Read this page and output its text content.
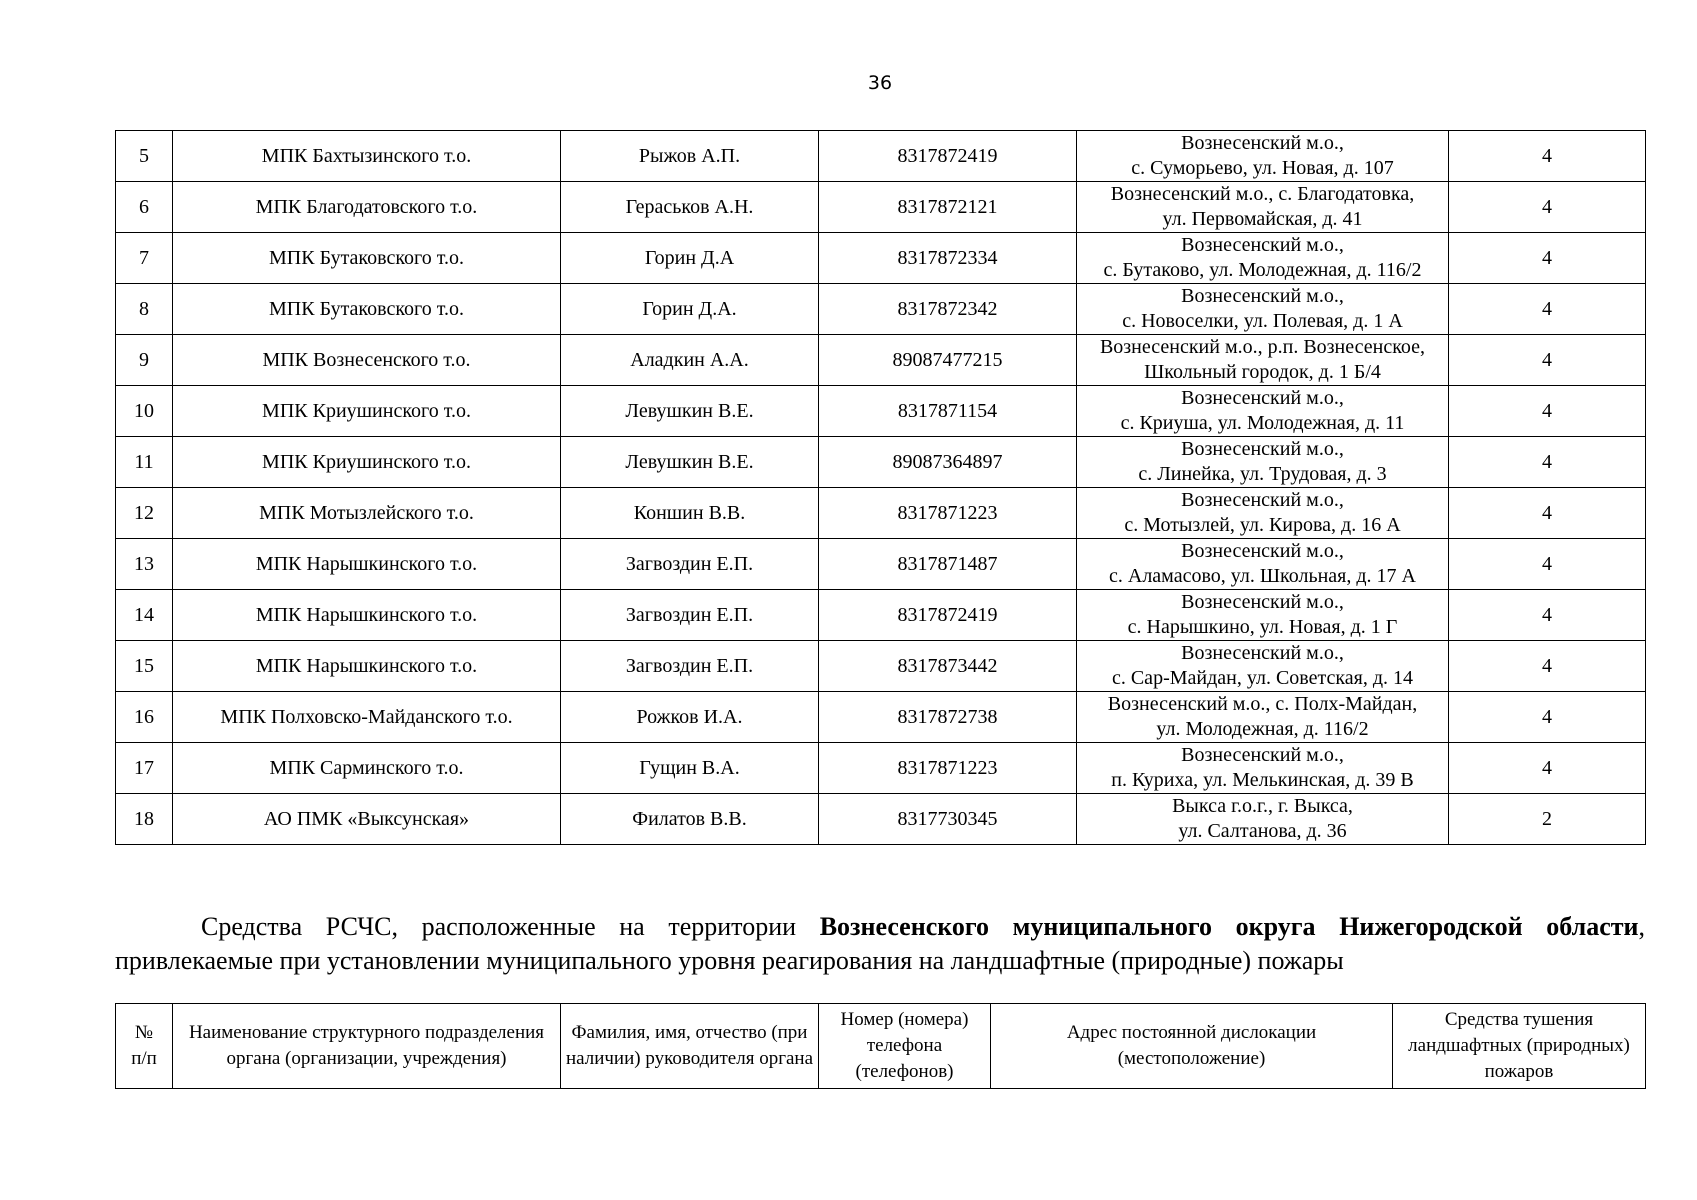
36
5	МПК Бахтызинского т.о.	Рыжов А.П.	8317872419	Вознесенский м.о.,
с. Суморьево, ул. Новая, д. 107	4
6	МПК Благодатовского т.о.	Гераськов А.Н.	8317872121	Вознесенский м.о., с. Благодатовка,
ул. Первомайская, д. 41	4
7	МПК Бутаковского т.о.	Горин Д.А	8317872334	Вознесенский м.о.,
с. Бутаково, ул. Молодежная, д. 116/2	4
8	МПК Бутаковского т.о.	Горин Д.А.	8317872342	Вознесенский м.о.,
с. Новоселки, ул. Полевая, д. 1 А	4
9	МПК Вознесенского т.о.	Аладкин А.А.	89087477215	Вознесенский м.о., р.п. Вознесенское,
Школьный городок, д. 1 Б/4	4
10	МПК Криушинского т.о.	Левушкин В.Е.	8317871154	Вознесенский м.о.,
с. Криуша, ул. Молодежная, д. 11	4
11	МПК Криушинского т.о.	Левушкин В.Е.	89087364897	Вознесенский м.о.,
с. Линейка, ул. Трудовая, д. 3	4
12	МПК Мотызлейского т.о.	Коншин В.В.	8317871223	Вознесенский м.о.,
с. Мотызлей, ул. Кирова, д. 16 А	4
13	МПК Нарышкинского т.о.	Загвоздин Е.П.	8317871487	Вознесенский м.о.,
с. Аламасово, ул. Школьная, д. 17 А	4
14	МПК Нарышкинского т.о.	Загвоздин Е.П.	8317872419	Вознесенский м.о.,
с. Нарышкино, ул. Новая, д. 1 Г	4
15	МПК Нарышкинского т.о.	Загвоздин Е.П.	8317873442	Вознесенский м.о.,
с. Сар-Майдан, ул. Советская, д. 14	4
16	МПК Полховско-Майданского т.о.	Рожков И.А.	8317872738	Вознесенский м.о., с. Полх-Майдан,
ул. Молодежная, д. 116/2	4
17	МПК Сарминского т.о.	Гущин В.А.	8317871223	Вознесенский м.о.,
п. Куриха, ул. Мелькинская, д. 39 В	4
18	АО ПМК «Выксунская»	Филатов В.В.	8317730345	Выкса г.о.г., г. Выкса,
ул. Салтанова, д. 36	2
Средства РСЧС, расположенные на территории Вознесенского муниципального округа Нижегородской области, привлекаемые при установлении муниципального уровня реагирования на ландшафтные (природные) пожары
№ п/п	Наименование структурного подразделения органа (организации, учреждения)	Фамилия, имя, отчество (при наличии) руководителя органа	Номер (номера) телефона (телефонов)	Адрес постоянной дислокации (местоположение)	Средства тушения ландшафтных (природных) пожаров
